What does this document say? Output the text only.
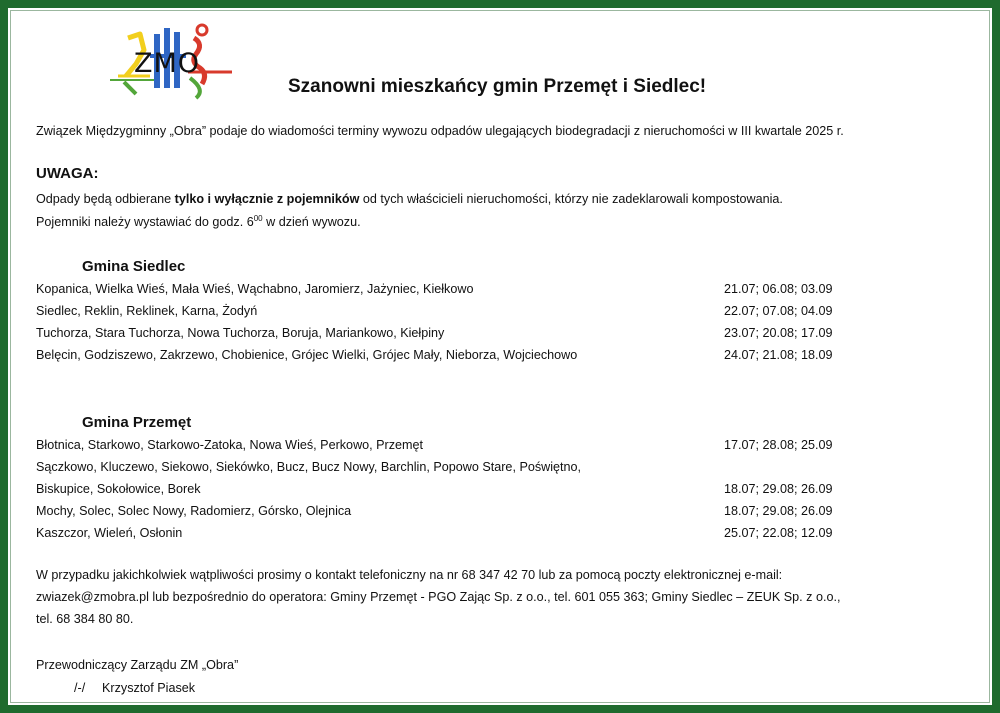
ZMO
Szanowni mieszkańcy gmin Przemęt i Siedlec!
Związek Międzygminny „Obra” podaje do wiadomości terminy wywozu odpadów ulegających biodegradacji z nieruchomości w III kwartale 2025 r.
UWAGA:
Odpady będą odbierane tylko i wyłącznie z pojemników od tych właścicieli nieruchomości, którzy nie zadeklarowali kompostowania.
Pojemniki należy wystawiać do godz. $6^{00}$ w dzień wywozu.
Gmina Siedlec
Kopanica, Wielka Wieś, Mała Wieś, Wąchabno, Jaromierz, Jażyniec, Kiełkowo	21.07; 06.08; 03.09
Siedlec, Reklin, Reklinek, Karna, Żodyń	22.07; 07.08; 04.09
Tuchorza, Stara Tuchorza, Nowa Tuchorza, Boruja, Mariankowo, Kiełpiny	23.07; 20.08; 17.09
Belęcin, Godziszewo, Zakrzewo, Chobienice, Grójec Wielki, Grójec Mały, Nieborza, Wojciechowo	24.07; 21.08; 18.09
Gmina Przemęt
Błotnica, Starkowo, Starkowo-Zatoka, Nowa Wieś, Perkowo, Przemęt	17.07; 28.08; 25.09
Sączkowo, Kluczewo, Siekowo, Siekówko, Bucz, Bucz Nowy, Barchlin, Popowo Stare, Poświętno,
Biskupice, Sokołowice, Borek	18.07; 29.08; 26.09
Mochy, Solec, Solec Nowy, Radomierz, Górsko, Olejnica	18.07; 29.08; 26.09
Kaszczor, Wieleń, Osłonin	25.07; 22.08; 12.09
W przypadku jakichkolwiek wątpliwości prosimy o kontakt telefoniczny na nr 68 347 42 70 lub za pomocą poczty elektronicznej e-mail:
zwiazek@zmobra.pl lub bezpośrednio do operatora: Gminy Przemęt - PGO Zając Sp. z o.o., tel. 601 055 363; Gminy Siedlec – ZEUK Sp. z o.o.,
tel. 68 384 80 80.
Przewodniczący Zarządu ZM „Obra”
/-/ Krzysztof Piasek
